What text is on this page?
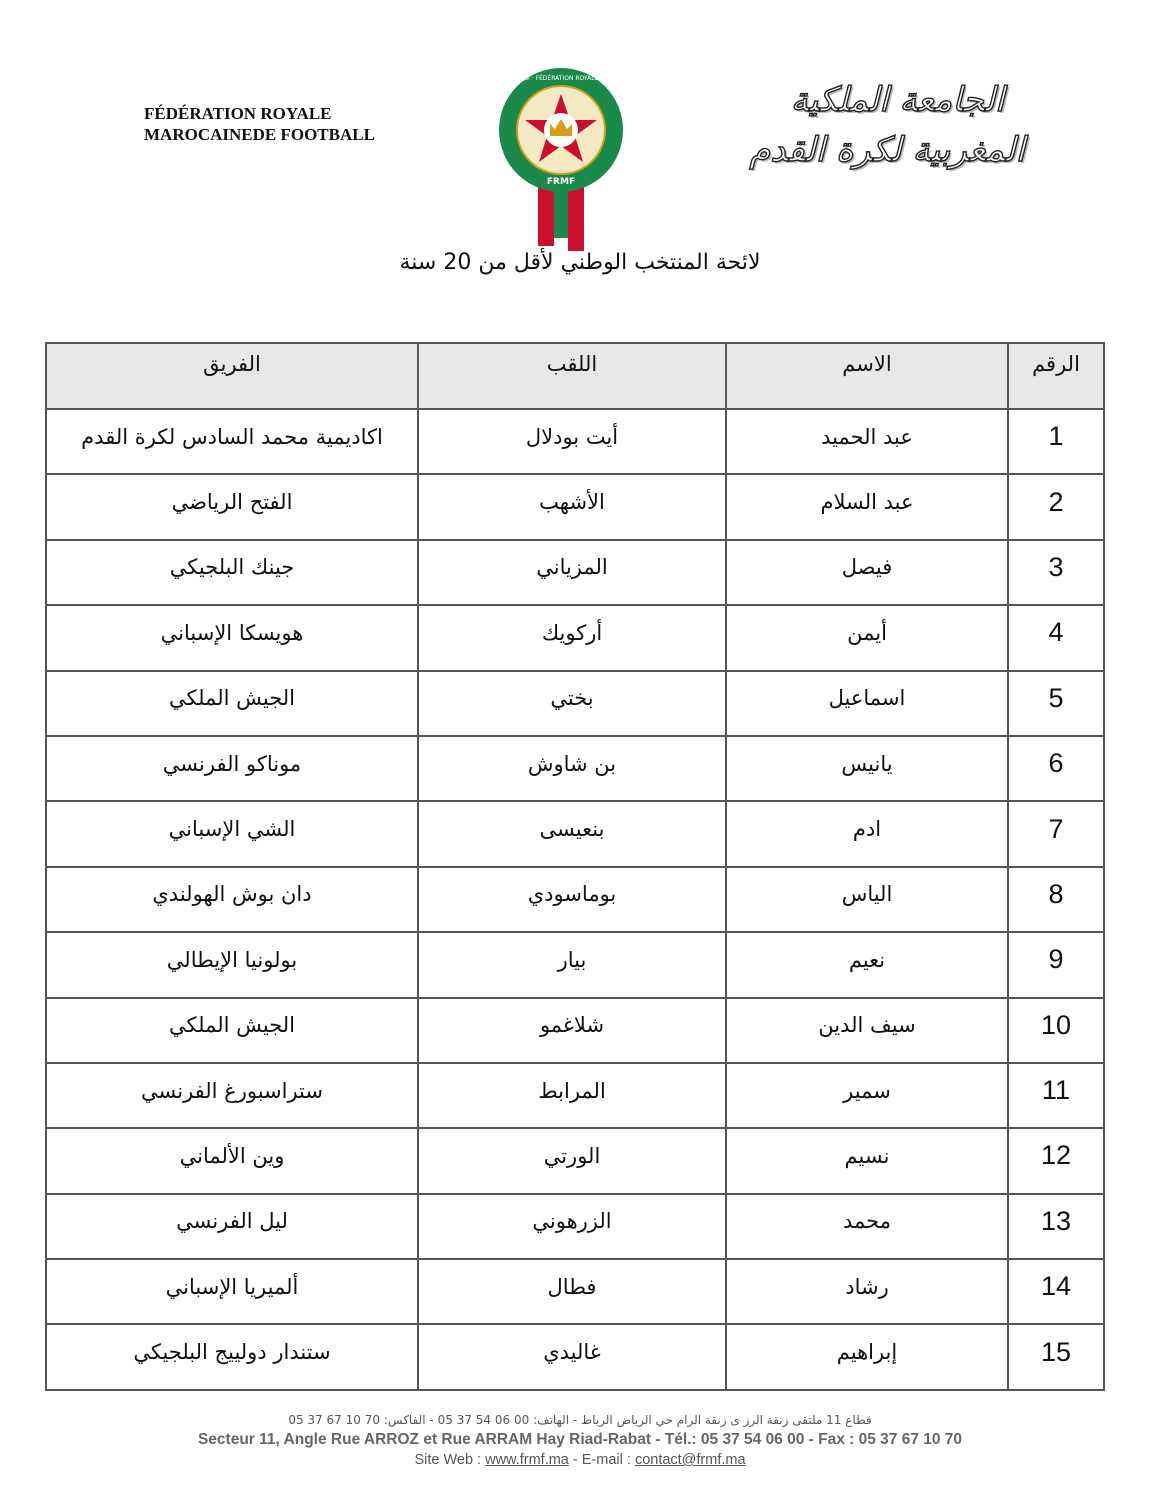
FÉDÉRATION ROYALE
MAROCAINEDE FOOTBALL
الجامعة الملكية المغربية لكرة القدم · FÉDÉRATION ROYALE MAROCAINE DE FOOTBALL
FRMF
الجامعة الملكية
المغربية لكرة القدم
لائحة المنتخب الوطني لأقل من 20 سنة
الرقم	الاسم	اللقب	الفريق
1	عبد الحميد	أيت بودلال	اكاديمية محمد السادس لكرة القدم
2	عبد السلام	الأشهب	الفتح الرياضي
3	فيصل	المزياني	جينك البلجيكي
4	أيمن	أركويك	هويسكا الإسباني
5	اسماعيل	بختي	الجيش الملكي
6	يانيس	بن شاوش	موناكو الفرنسي
7	ادم	بنعيسى	الشي الإسباني
8	الياس	بوماسودي	دان بوش الهولندي
9	نعيم	بيار	بولونيا الإيطالي
10	سيف الدين	شلاغمو	الجيش الملكي
11	سمير	المرابط	ستراسبورغ الفرنسي
12	نسيم	الورتي	وين الألماني
13	محمد	الزرهوني	ليل الفرنسي
14	رشاد	فطال	ألميريا الإسباني
15	إبراهيم	غاليدي	ستندار دولييج البلجيكي
قطاع 11 ملتقى زنقة الرز ى زنقة الرام حي الرياض الرباط - الهاتف: 00 06 54 37 05 - الفاكس: 70 10 67 37 05
Secteur 11, Angle Rue ARROZ et Rue ARRAM Hay Riad-Rabat - Tél.: 05 37 54 06 00 - Fax : 05 37 67 10 70
Site Web : www.frmf.ma - E-mail : contact@frmf.ma
